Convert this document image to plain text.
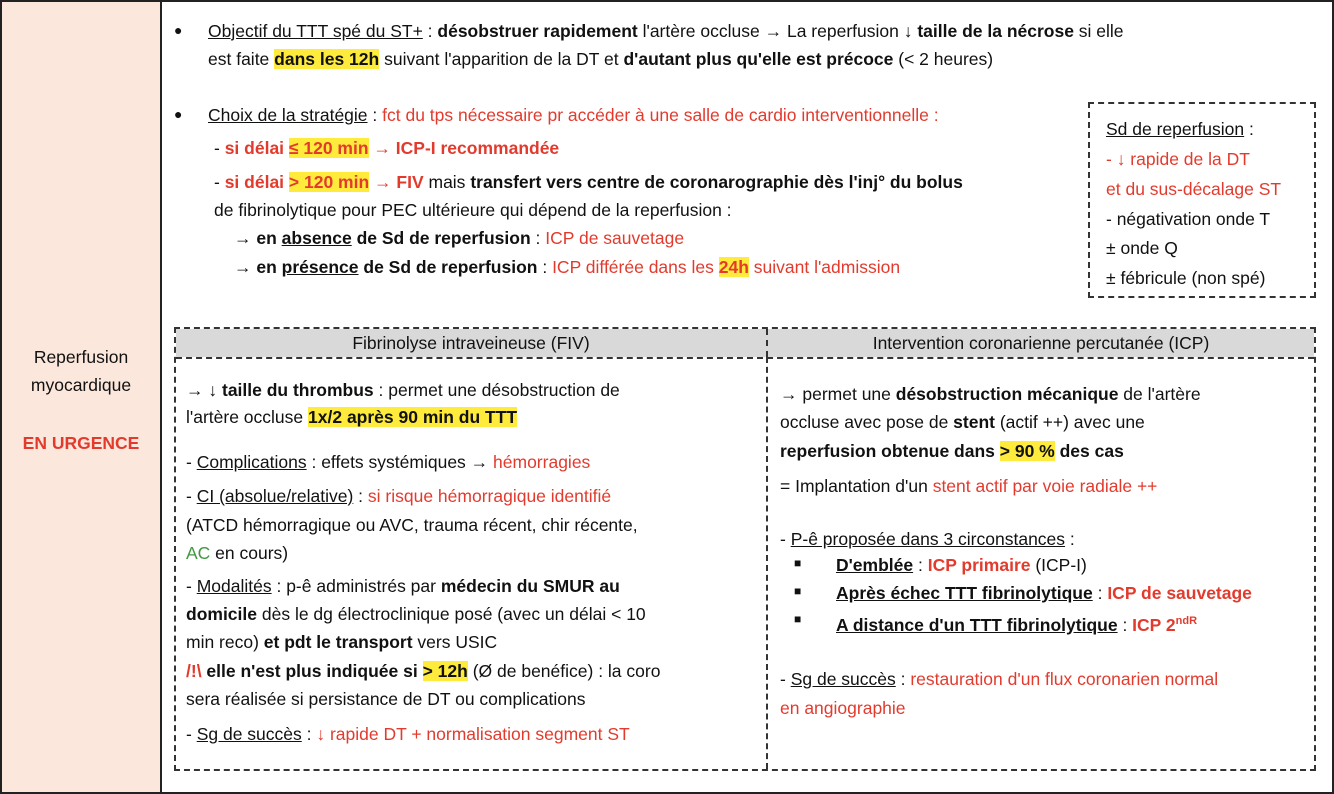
Reperfusion
myocardique
EN URGENCE
● Objectif du TTT spé du ST+ : désobstruer rapidement l'artère occluse → La reperfusion ↓ taille de la nécrose si elle
est faite dans les 12h suivant l'apparition de la DT et d'autant plus qu'elle est précoce (< 2 heures)
● Choix de la stratégie : fct du tps nécessaire pr accéder à une salle de cardio interventionnelle :
- si délai ≤ 120 min → ICP-I recommandée
- si délai > 120 min → FIV mais transfert vers centre de coronarographie dès l'inj° du bolus
de fibrinolytique pour PEC ultérieure qui dépend de la reperfusion :
→ en absence de Sd de reperfusion : ICP de sauvetage
→ en présence de Sd de reperfusion : ICP différée dans les 24h suivant l'admission
Sd de reperfusion :
- ↓ rapide de la DT
et du sus-décalage ST
- négativation onde T
± onde Q
± fébricule (non spé)
Fibrinolyse intraveineuse (FIV)	Intervention coronarienne percutanée (ICP)
→ ↓ taille du thrombus : permet une désobstruction de
l'artère occluse 1x/2 après 90 min du TTT
- Complications : effets systémiques → hémorragies
- CI (absolue/relative) : si risque hémorragique identifié
(ATCD hémorragique ou AVC, trauma récent, chir récente,
AC en cours)
- Modalités : p-ê administrés par médecin du SMUR au
domicile dès le dg électroclinique posé (avec un délai < 10
min reco) et pdt le transport vers USIC
/!\ elle n'est plus indiquée si > 12h (Ø de benéfice) : la coro
sera réalisée si persistance de DT ou complications
- Sg de succès : ↓ rapide DT + normalisation segment ST
→ permet une désobstruction mécanique de l'artère
occluse avec pose de stent (actif ++) avec une
reperfusion obtenue dans > 90 % des cas
= Implantation d'un stent actif par voie radiale ++
- P-ê proposée dans 3 circonstances :
■ D'emblée : ICP primaire (ICP-I)
■ Après échec TTT fibrinolytique : ICP de sauvetage
■ A distance d'un TTT fibrinolytique : ICP $2^{ndR}$
- Sg de succès : restauration d'un flux coronarien normal
en angiographie
